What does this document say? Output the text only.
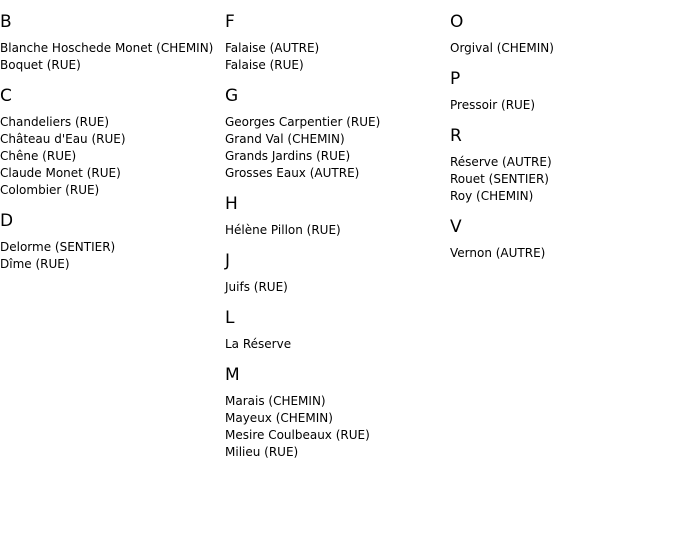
B
Blanche Hoschede Monet (CHEMIN)
Boquet (RUE)
C
Chandeliers (RUE)
Château d'Eau (RUE)
Chêne (RUE)
Claude Monet (RUE)
Colombier (RUE)
D
Delorme (SENTIER)
Dîme (RUE)
F
Falaise (AUTRE)
Falaise (RUE)
G
Georges Carpentier (RUE)
Grand Val (CHEMIN)
Grands Jardins (RUE)
Grosses Eaux (AUTRE)
H
Hélène Pillon (RUE)
J
Juifs (RUE)
L
La Réserve
M
Marais (CHEMIN)
Mayeux (CHEMIN)
Mesire Coulbeaux (RUE)
Milieu (RUE)
O
Orgival (CHEMIN)
P
Pressoir (RUE)
R
Réserve (AUTRE)
Rouet (SENTIER)
Roy (CHEMIN)
V
Vernon (AUTRE)
